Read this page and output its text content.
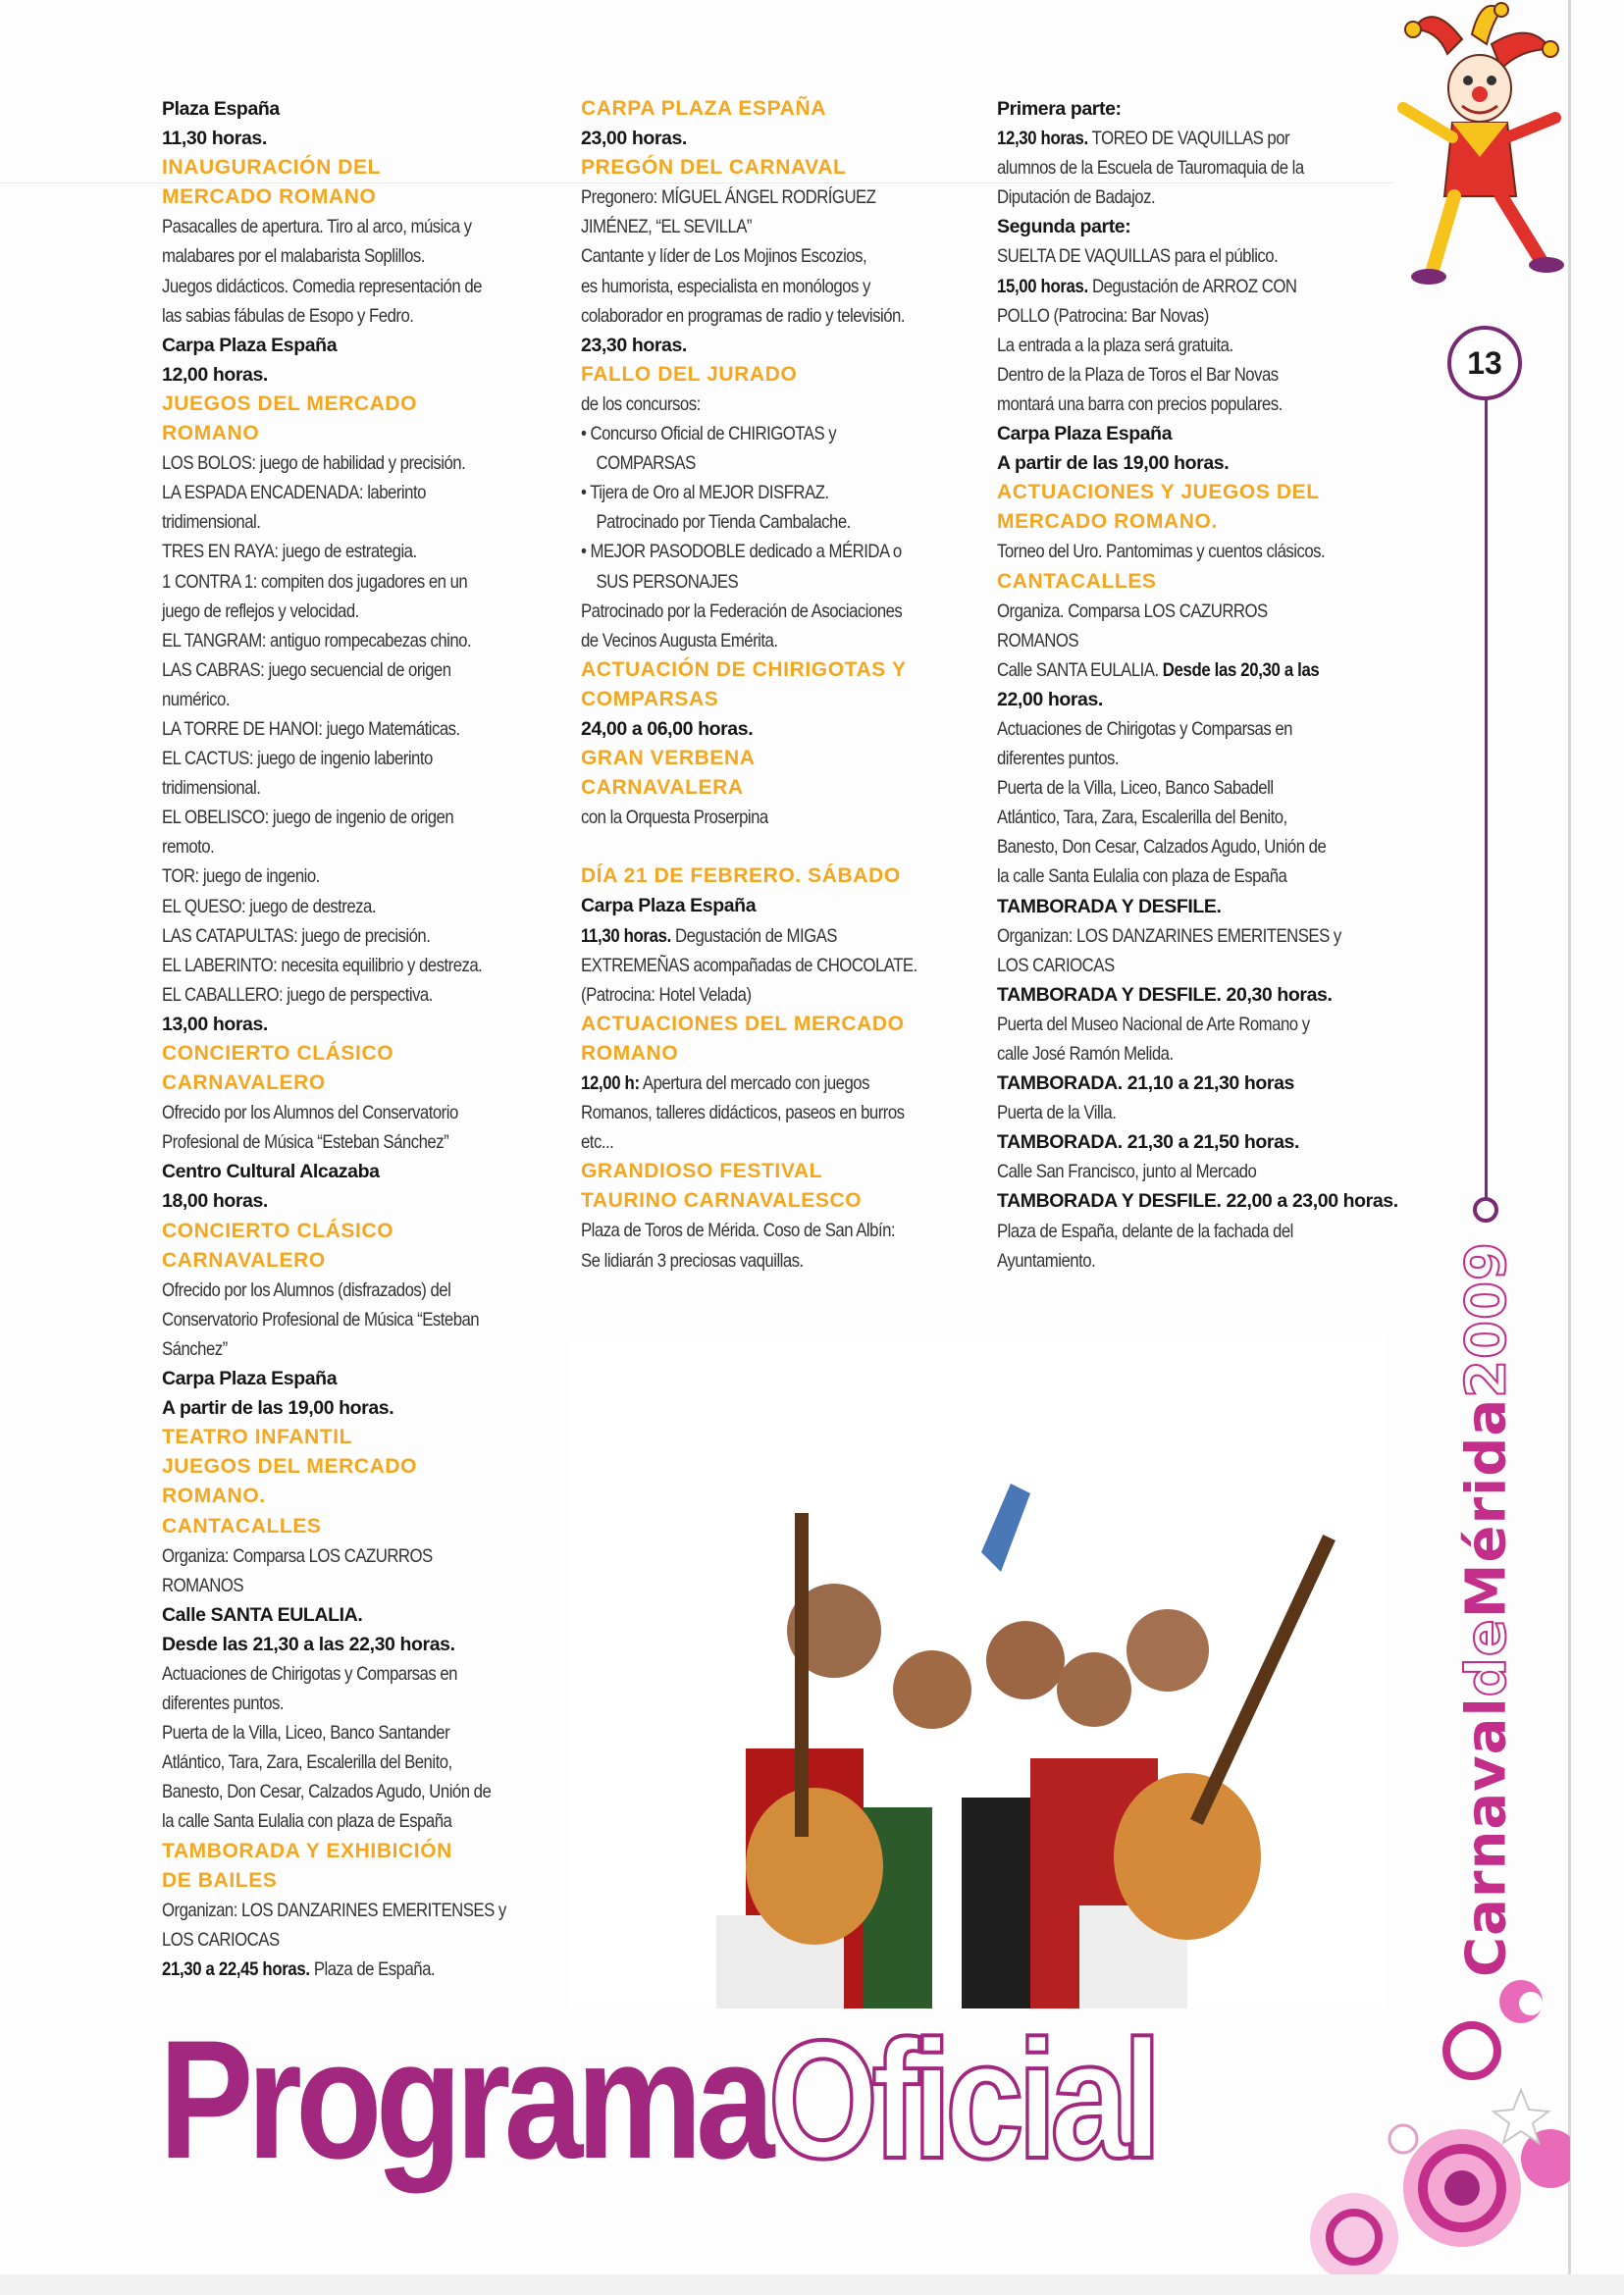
13
CarnavaldeMérida2009
Plaza España
11,30 horas.
INAUGURACIÓN DEL
MERCADO ROMANO
Pasacalles de apertura. Tiro al arco, música y
malabares por el malabarista Soplillos.
Juegos didácticos. Comedia representación de
las sabias fábulas de Esopo y Fedro.
Carpa Plaza España
12,00 horas.
JUEGOS DEL MERCADO
ROMANO
LOS BOLOS: juego de habilidad y precisión.
LA ESPADA ENCADENADA: laberinto
tridimensional.
TRES EN RAYA: juego de estrategia.
1 CONTRA 1: compiten dos jugadores en un
juego de reflejos y velocidad.
EL TANGRAM: antiguo rompecabezas chino.
LAS CABRAS: juego secuencial de origen
numérico.
LA TORRE DE HANOI: juego Matemáticas.
EL CACTUS: juego de ingenio laberinto
tridimensional.
EL OBELISCO: juego de ingenio de origen
remoto.
TOR: juego de ingenio.
EL QUESO: juego de destreza.
LAS CATAPULTAS: juego de precisión.
EL LABERINTO: necesita equilibrio y destreza.
EL CABALLERO: juego de perspectiva.
13,00 horas.
CONCIERTO CLÁSICO
CARNAVALERO
Ofrecido por los Alumnos del Conservatorio
Profesional de Música “Esteban Sánchez”
Centro Cultural Alcazaba
18,00 horas.
CONCIERTO CLÁSICO
CARNAVALERO
Ofrecido por los Alumnos (disfrazados) del
Conservatorio Profesional de Música “Esteban
Sánchez”
Carpa Plaza España
A partir de las 19,00 horas.
TEATRO INFANTIL
JUEGOS DEL MERCADO
ROMANO.
CANTACALLES
Organiza: Comparsa LOS CAZURROS
ROMANOS
Calle SANTA EULALIA.
Desde las 21,30 a las 22,30 horas.
Actuaciones de Chirigotas y Comparsas en
diferentes puntos.
Puerta de la Villa, Liceo, Banco Santander
Atlántico, Tara, Zara, Escalerilla del Benito,
Banesto, Don Cesar, Calzados Agudo, Unión de
la calle Santa Eulalia con plaza de España
TAMBORADA Y EXHIBICIÓN
DE BAILES
Organizan: LOS DANZARINES EMERITENSES y
LOS CARIOCAS
21,30 a 22,45 horas. Plaza de España.
CARPA PLAZA ESPAÑA
23,00 horas.
PREGÓN DEL CARNAVAL
Pregonero: MÍGUEL ÁNGEL RODRÍGUEZ
JIMÉNEZ, “EL SEVILLA”
Cantante y líder de Los Mojinos Escozios,
es humorista, especialista en monólogos y
colaborador en programas de radio y televisión.
23,30 horas.
FALLO DEL JURADO
de los concursos:
• Concurso Oficial de CHIRIGOTAS y
COMPARSAS
• Tijera de Oro al MEJOR DISFRAZ.
Patrocinado por Tienda Cambalache.
• MEJOR PASODOBLE dedicado a MÉRIDA o
SUS PERSONAJES
Patrocinado por la Federación de Asociaciones
de Vecinos Augusta Emérita.
ACTUACIÓN DE CHIRIGOTAS Y
COMPARSAS
24,00 a 06,00 horas.
GRAN VERBENA
CARNAVALERA
con la Orquesta Proserpina
DÍA 21 DE FEBRERO. SÁBADO
Carpa Plaza España
11,30 horas. Degustación de MIGAS
EXTREMEÑAS acompañadas de CHOCOLATE.
(Patrocina: Hotel Velada)
ACTUACIONES DEL MERCADO
ROMANO
12,00 h: Apertura del mercado con juegos
Romanos, talleres didácticos, paseos en burros
etc...
GRANDIOSO FESTIVAL
TAURINO CARNAVALESCO
Plaza de Toros de Mérida. Coso de San Albín:
Se lidiarán 3 preciosas vaquillas.
Primera parte:
12,30 horas. TOREO DE VAQUILLAS por
alumnos de la Escuela de Tauromaquia de la
Diputación de Badajoz.
Segunda parte:
SUELTA DE VAQUILLAS para el público.
15,00 horas. Degustación de ARROZ CON
POLLO (Patrocina: Bar Novas)
La entrada a la plaza será gratuita.
Dentro de la Plaza de Toros el Bar Novas
montará una barra con precios populares.
Carpa Plaza España
A partir de las 19,00 horas.
ACTUACIONES Y JUEGOS DEL
MERCADO ROMANO.
Torneo del Uro. Pantomimas y cuentos clásicos.
CANTACALLES
Organiza. Comparsa LOS CAZURROS
ROMANOS
Calle SANTA EULALIA. Desde las 20,30 a las
22,00 horas.
Actuaciones de Chirigotas y Comparsas en
diferentes puntos.
Puerta de la Villa, Liceo, Banco Sabadell
Atlántico, Tara, Zara, Escalerilla del Benito,
Banesto, Don Cesar, Calzados Agudo, Unión de
la calle Santa Eulalia con plaza de España
TAMBORADA Y DESFILE.
Organizan: LOS DANZARINES EMERITENSES y
LOS CARIOCAS
TAMBORADA Y DESFILE. 20,30 horas.
Puerta del Museo Nacional de Arte Romano y
calle José Ramón Melida.
TAMBORADA. 21,10 a 21,30 horas
Puerta de la Villa.
TAMBORADA. 21,30 a 21,50 horas.
Calle San Francisco, junto al Mercado
TAMBORADA Y DESFILE. 22,00 a 23,00 horas.
Plaza de España, delante de la fachada del
Ayuntamiento.
ProgramaOficial
